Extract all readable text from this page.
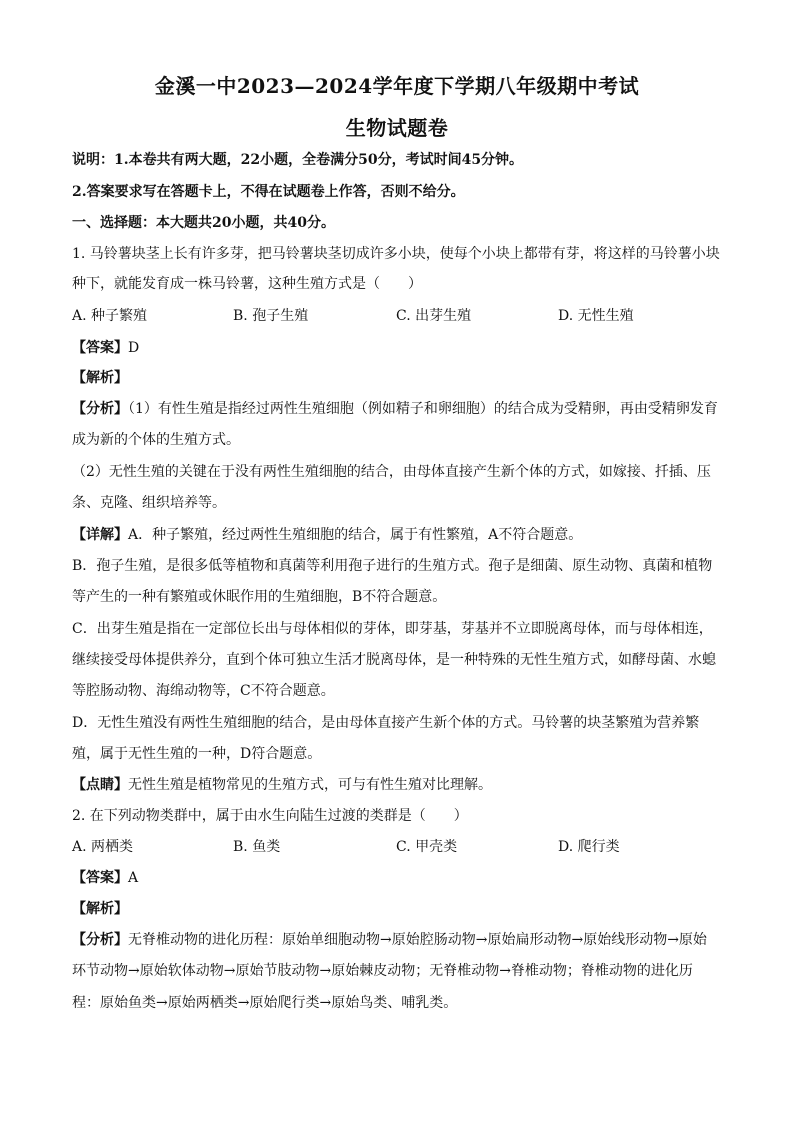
金溪一中2023—2024学年度下学期八年级期中考试
生物试题卷
说明：1.本卷共有两大题，22小题，全卷满分50分，考试时间45分钟。
2.答案要求写在答题卡上，不得在试题卷上作答，否则不给分。
一、选择题：本大题共20小题，共40分。
1. 马铃薯块茎上长有许多芽，把马铃薯块茎切成许多小块，使每个小块上都带有芽，将这样的马铃薯小块
种下，就能发育成一株马铃薯，这种生殖方式是（　　）
A. 种子繁殖	B. 孢子生殖	C. 出芽生殖	D. 无性生殖
【答案】D
【解析】
【分析】（1）有性生殖是指经过两性生殖细胞（例如精子和卵细胞）的结合成为受精卵，再由受精卵发育
成为新的个体的生殖方式。
（2）无性生殖的关键在于没有两性生殖细胞的结合，由母体直接产生新个体的方式，如嫁接、扦插、压
条、克隆、组织培养等。
【详解】A．种子繁殖，经过两性生殖细胞的结合，属于有性繁殖，A不符合题意。
B．孢子生殖，是很多低等植物和真菌等利用孢子进行的生殖方式。孢子是细菌、原生动物、真菌和植物
等产生的一种有繁殖或休眠作用的生殖细胞，B不符合题意。
C．出芽生殖是指在一定部位长出与母体相似的芽体，即芽基，芽基并不立即脱离母体，而与母体相连，
继续接受母体提供养分，直到个体可独立生活才脱离母体，是一种特殊的无性生殖方式，如酵母菌、水螅
等腔肠动物、海绵动物等，C不符合题意。
D．无性生殖没有两性生殖细胞的结合，是由母体直接产生新个体的方式。马铃薯的块茎繁殖为营养繁
殖，属于无性生殖的一种，D符合题意。
【点睛】无性生殖是植物常见的生殖方式，可与有性生殖对比理解。
2. 在下列动物类群中，属于由水生向陆生过渡的类群是（　　）
A. 两栖类	B. 鱼类	C. 甲壳类	D. 爬行类
【答案】A
【解析】
【分析】无脊椎动物的进化历程：原始单细胞动物→原始腔肠动物→原始扁形动物→原始线形动物→原始
环节动物→原始软体动物→原始节肢动物→原始棘皮动物；无脊椎动物→脊椎动物；脊椎动物的进化历
程：原始鱼类→原始两栖类→原始爬行类→原始鸟类、哺乳类。
